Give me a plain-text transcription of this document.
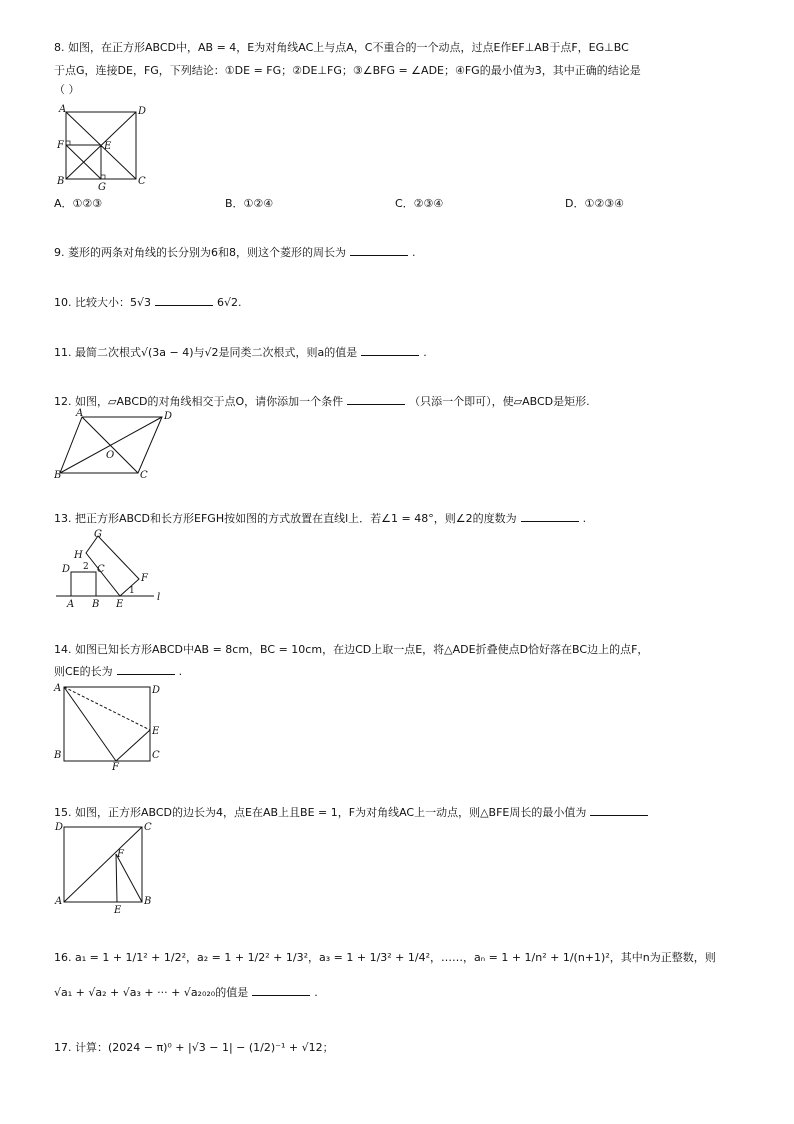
8. 如图，在正方形ABCD中，AB = 4，E为对角线AC上与点A，C不重合的一个动点，过点E作EF⊥AB于点F，EG⊥BC
于点G，连接DE，FG，下列结论：①DE = FG；②DE⊥FG；③∠BFG = ∠ADE；④FG的最小值为3，其中正确的结论是
（ ）
A	D
F	E
B
G
C
A．①②③	B．①②④	C．②③④	D．①②③④
9. 菱形的两条对角线的长分别为6和8，则这个菱形的周长为	.
10. 比较大小：5√3	6√2.
11. 最简二次根式√(3a − 4)与√2是同类二次根式，则a的值是	.
12. 如图，▱ABCD的对角线相交于点O，请你添加一个条件	（只添一个即可），使▱ABCD是矩形.
A	D
O
B	C
13. 把正方形ABCD和长方形EFGH按如图的方式放置在直线l上．若∠1 = 48°，则∠2的度数为	.
G
H
D 2 C
F
1
A B E
l
14. 如图已知长方形ABCD中AB = 8cm，BC = 10cm，在边CD上取一点E，将△ADE折叠使点D恰好落在BC边上的点F，
则CE的长为	.
A	D
E
B
F
C
15. 如图，正方形ABCD的边长为4，点E在AB上且BE = 1，F为对角线AC上一动点，则△BFE周长的最小值为
D	C
F
A
E
B
16. a₁ = 1 + 1/1² + 1/2²，a₂ = 1 + 1/2² + 1/3²，a₃ = 1 + 1/3² + 1/4²，……，aₙ = 1 + 1/n² + 1/(n+1)²，其中n为正整数，则
√a₁ + √a₂ + √a₃ + ··· + √a₂₀₂₀的值是	.
17. 计算：(2024 − π)⁰ + |√3 − 1| − (1/2)⁻¹ + √12；
